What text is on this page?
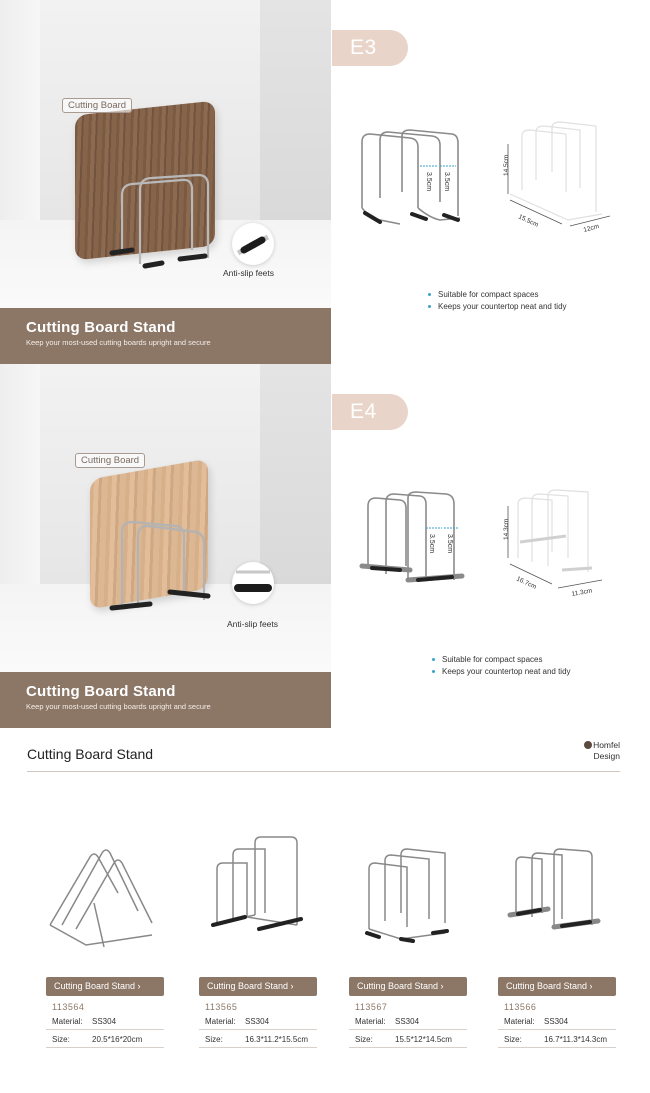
Cutting Board
Anti-slip feets
Cutting Board Stand
Keep your most-used cutting boards upright and secure
E3
3.5cm 3.5cm
14.5cm
15.5cm	12cm
Suitable for compact spaces
Keeps your countertop neat and tidy
Cutting Board
Anti-slip feets
Cutting Board Stand
Keep your most-used cutting boards upright and secure
E4
3.5cm 3.5cm
14.3cm
16.7cm
11.3cm
Suitable for compact spaces
Keeps your countertop neat and tidy
Cutting Board Stand
Homfel
Design
Cutting Board Stand ›
113564
Material:	SS304
Size:	20.5*16*20cm
Cutting Board Stand ›
113565
Material:	SS304
Size:	16.3*11.2*15.5cm
Cutting Board Stand ›
113567
Material:	SS304
Size:	15.5*12*14.5cm
Cutting Board Stand ›
113566
Material:	SS304
Size:	16.7*11.3*14.3cm
